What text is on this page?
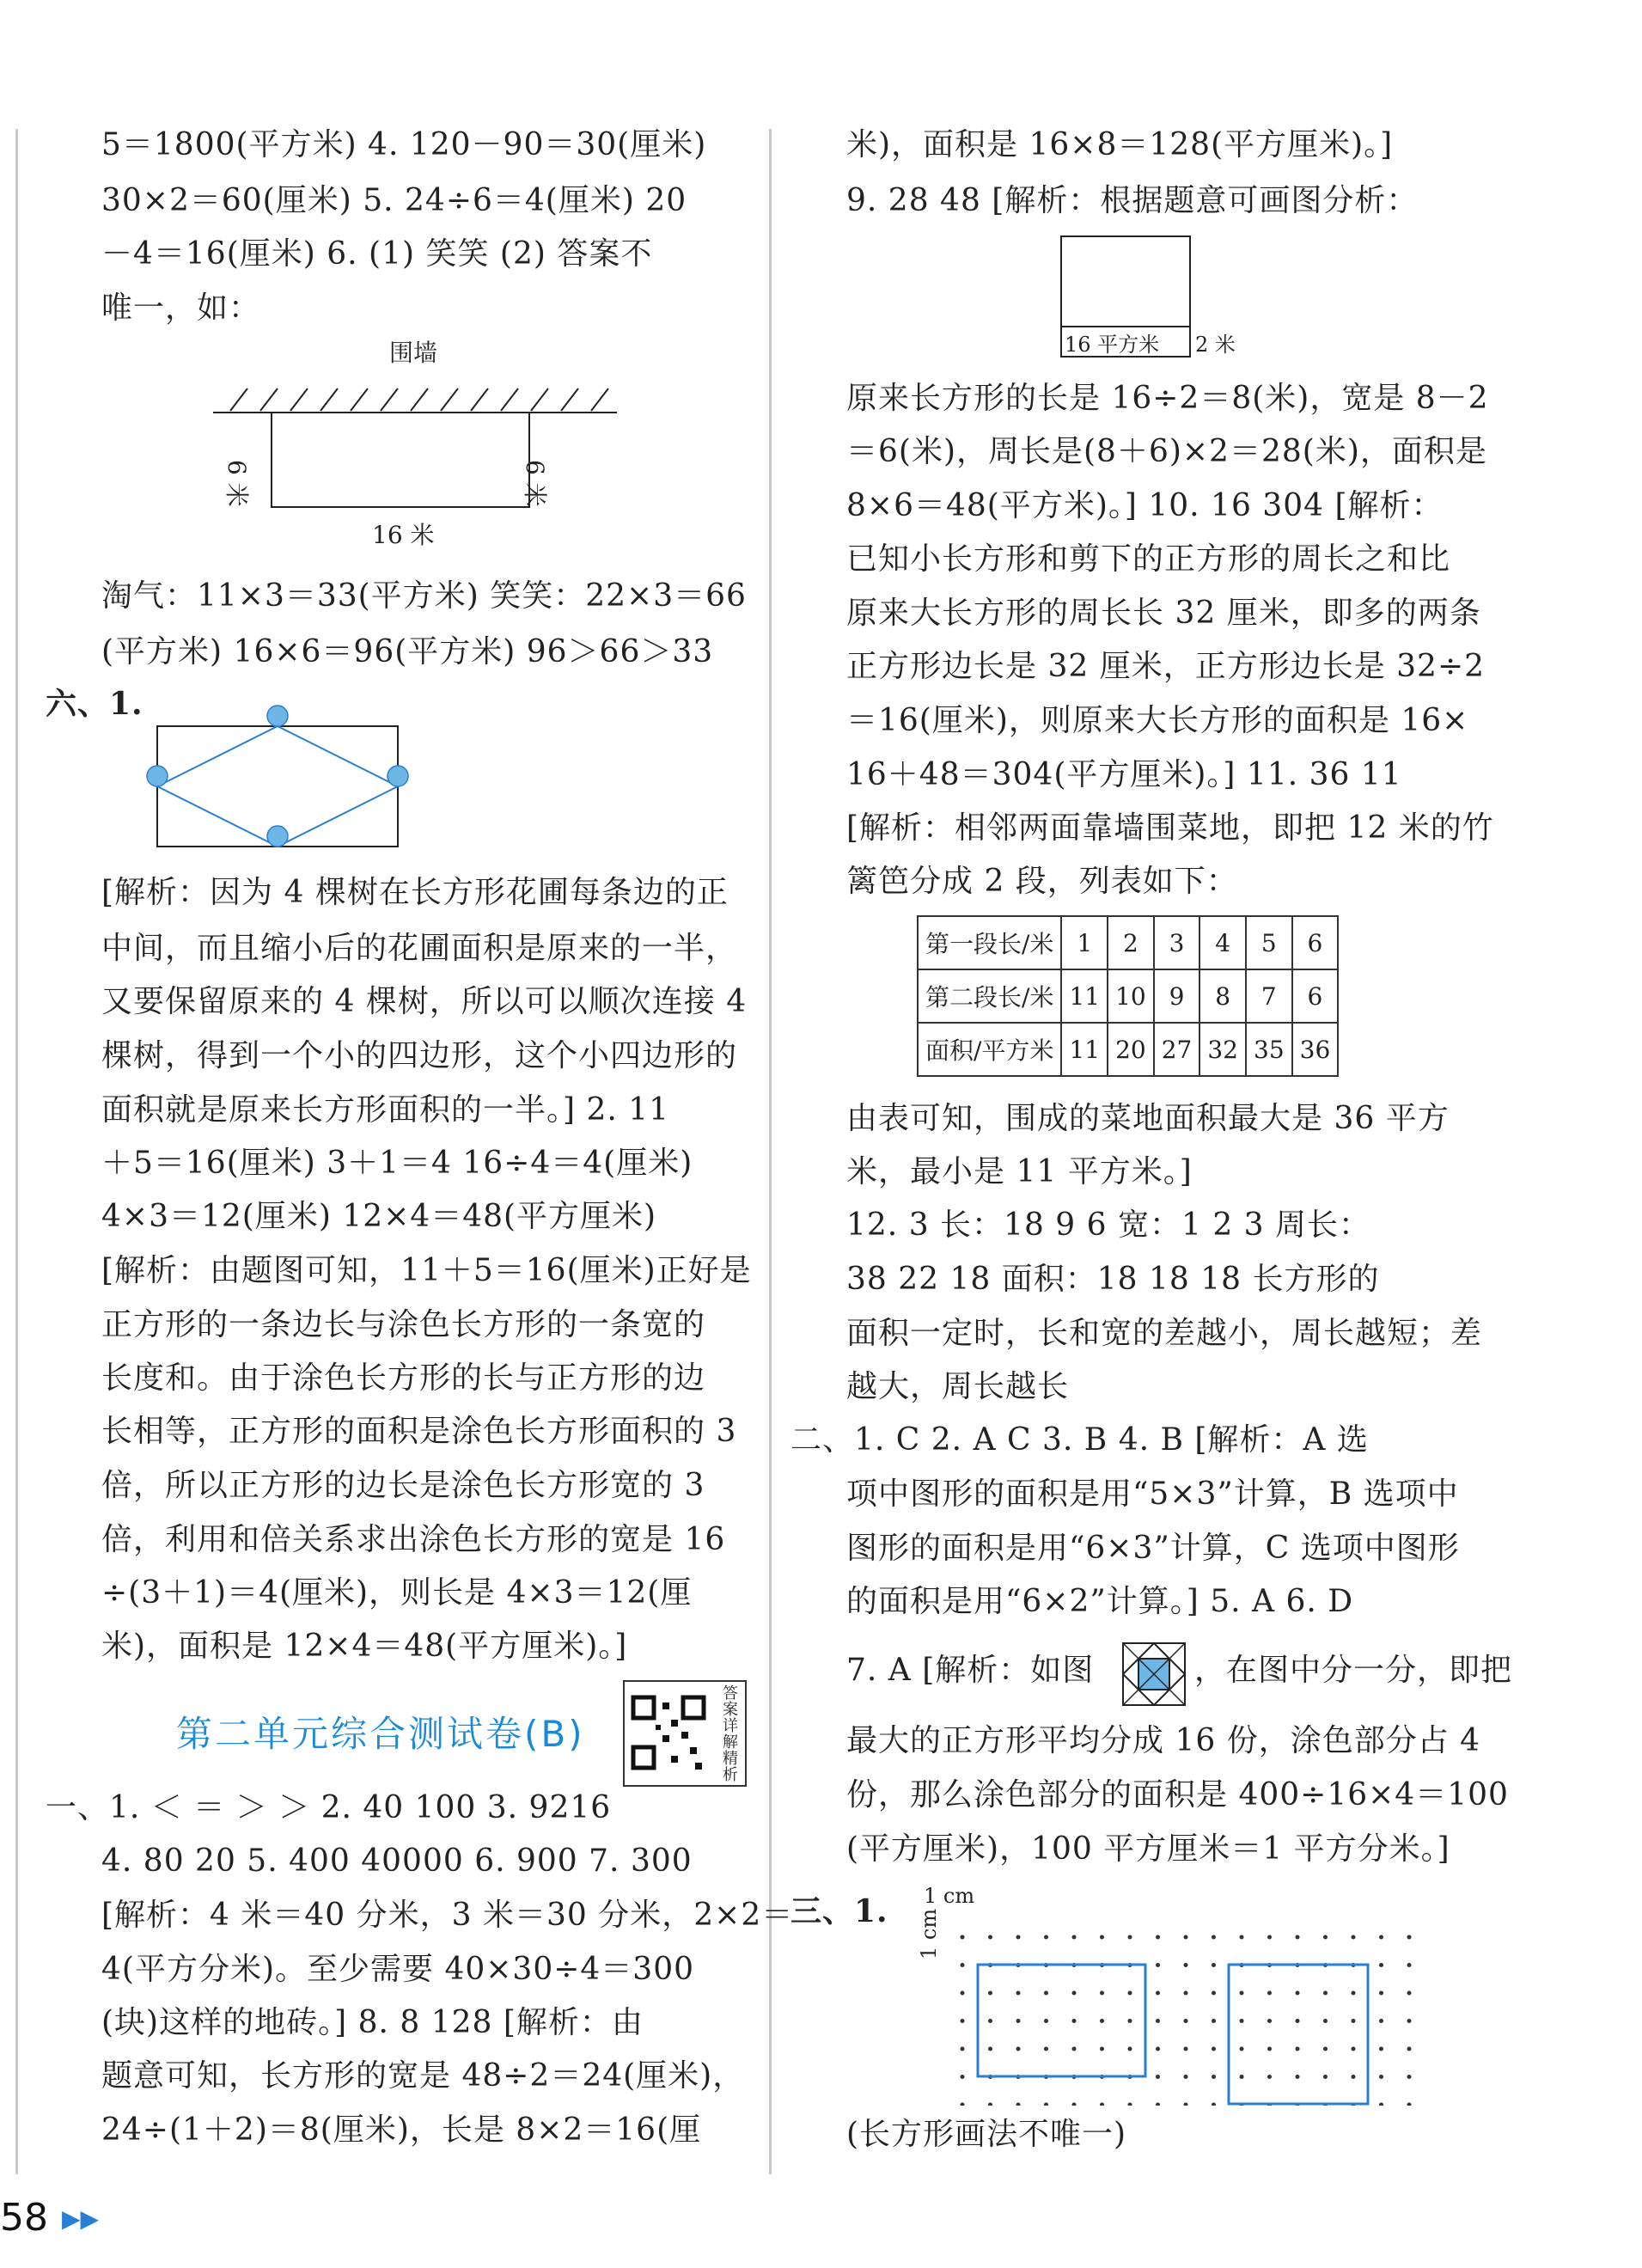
5＝1800(平方米) 4. 120－90＝30(厘米)
30×2＝60(厘米) 5. 24÷6＝4(厘米) 20
－4＝16(厘米) 6. (1) 笑笑 (2) 答案不
唯一，如：
围墙
6 米	6 米
16 米
淘气：11×3＝33(平方米) 笑笑：22×3＝66
(平方米) 16×6＝96(平方米) 96＞66＞33
六、1.
[解析：因为 4 棵树在长方形花圃每条边的正
中间，而且缩小后的花圃面积是原来的一半，
又要保留原来的 4 棵树，所以可以顺次连接 4
棵树，得到一个小的四边形，这个小四边形的
面积就是原来长方形面积的一半。] 2. 11
＋5＝16(厘米) 3＋1＝4 16÷4＝4(厘米)
4×3＝12(厘米) 12×4＝48(平方厘米)
[解析：由题图可知，11＋5＝16(厘米)正好是
正方形的一条边长与涂色长方形的一条宽的
长度和。由于涂色长方形的长与正方形的边
长相等，正方形的面积是涂色长方形面积的 3
倍，所以正方形的边长是涂色长方形宽的 3
倍，利用和倍关系求出涂色长方形的宽是 16
÷(3＋1)＝4(厘米)，则长是 4×3＝12(厘
米)，面积是 12×4＝48(平方厘米)。]
第二单元综合测试卷(B)
答案详解精析
一、1. ＜ ＝ ＞ ＞ 2. 40 100 3. 9216
4. 80 20 5. 400 40000 6. 900 7. 300
[解析：4 米＝40 分米，3 米＝30 分米，2×2＝
4(平方分米)。至少需要 40×30÷4＝300
(块)这样的地砖。] 8. 8 128 [解析：由
题意可知，长方形的宽是 48÷2＝24(厘米)，
24÷(1＋2)＝8(厘米)，长是 8×2＝16(厘
米)，面积是 16×8＝128(平方厘米)。]
9. 28 48 [解析：根据题意可画图分析：
16 平方米 2 米
原来长方形的长是 16÷2＝8(米)，宽是 8－2
＝6(米)，周长是(8＋6)×2＝28(米)，面积是
8×6＝48(平方米)。] 10. 16 304 [解析：
已知小长方形和剪下的正方形的周长之和比
原来大长方形的周长长 32 厘米，即多的两条
正方形边长是 32 厘米，正方形边长是 32÷2
＝16(厘米)，则原来大长方形的面积是 16×
16＋48＝304(平方厘米)。] 11. 36 11
[解析：相邻两面靠墙围菜地，即把 12 米的竹
篱笆分成 2 段，列表如下：
第一段长/米	1	2	3	4	5	6
第二段长/米	11	10	9	8	7	6
面积/平方米	11	20	27	32	35	36
由表可知，围成的菜地面积最大是 36 平方
米，最小是 11 平方米。]
12. 3 长：18 9 6 宽：1 2 3 周长：
38 22 18 面积：18 18 18 长方形的
面积一定时，长和宽的差越小，周长越短；差
越大，周长越长
二、1. C 2. A C 3. B 4. B [解析：A 选
项中图形的面积是用“5×3”计算，B 选项中
图形的面积是用“6×3”计算，C 选项中图形
的面积是用“6×2”计算。] 5. A 6. D
7. A [解析：如图	，在图中分一分，即把
最大的正方形平均分成 16 份，涂色部分占 4
份，那么涂色部分的面积是 400÷16×4＝100
(平方厘米)，100 平方厘米＝1 平方分米。]
三、1. 1 cm
1 cm
(长方形画法不唯一)
58 ▶▶
